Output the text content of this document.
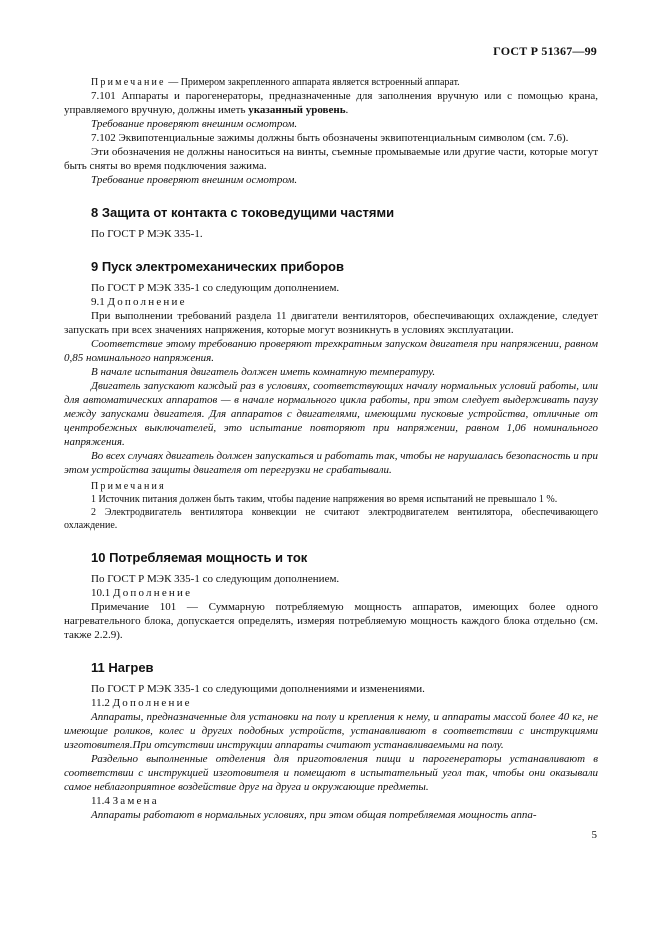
ГОСТ Р 51367—99

Примечание — Примером закрепленного аппарата является встроенный аппарат.

7.101 Аппараты и парогенераторы, предназначенные для заполнения вручную или с помощью крана, управляемого вручную, должны иметь указанный уровень.

Требование проверяют внешним осмотром.

7.102 Эквипотенциальные зажимы должны быть обозначены эквипотенциальным символом (см. 7.6).

Эти обозначения не должны наноситься на винты, съемные промываемые или другие части, которые могут быть сняты во время подключения зажима.

Требование проверяют внешним осмотром.

8 Защита от контакта с токоведущими частями

По ГОСТ Р МЭК 335-1.

9 Пуск электромеханических приборов

По ГОСТ Р МЭК 335-1 со следующим дополнением.

9.1 Дополнение

При выполнении требований раздела 11 двигатели вентиляторов, обеспечивающих охлаждение, следует запускать при всех значениях напряжения, которые могут возникнуть в условиях эксплуатации.

Соответствие этому требованию проверяют трехкратным запуском двигателя при напряжении, равном 0,85 номинального напряжения.

В начале испытания двигатель должен иметь комнатную температуру.

Двигатель запускают каждый раз в условиях, соответствующих началу нормальных условий работы, или для автоматических аппаратов — в начале нормального цикла работы, при этом следует выдерживать паузу между запусками двигателя. Для аппаратов с двигателями, имеющими пусковые устройства, отличные от центробежных выключателей, это испытание повторяют при напряжении, равном 1,06 номинального напряжения.

Во всех случаях двигатель должен запускаться и работать так, чтобы не нарушалась безопасность и при этом устройства защиты двигателя от перегрузки не срабатывали.

Примечания

1 Источник питания должен быть таким, чтобы падение напряжения во время испытаний не превышало 1 %.

2 Электродвигатель вентилятора конвекции не считают электродвигателем вентилятора, обеспечивающего охлаждение.

10 Потребляемая мощность и ток

По ГОСТ Р МЭК 335-1 со следующим дополнением.

10.1 Дополнение

Примечание 101 — Суммарную потребляемую мощность аппаратов, имеющих более одного нагревательного блока, допускается определять, измеряя потребляемую мощность каждого блока отдельно (см. также 2.2.9).

11 Нагрев

По ГОСТ Р МЭК 335-1 со следующими дополнениями и изменениями.

11.2 Дополнение

Аппараты, предназначенные для установки на полу и крепления к нему, и аппараты массой более 40 кг, не имеющие роликов, колес и других подобных устройств, устанавливают в соответствии с инструкциями изготовителя.При отсутствии инструкции аппараты считают устанавливаемыми на полу.

Раздельно выполненные отделения для приготовления пищи и парогенераторы устанавливают в соответствии с инструкцией изготовителя и помещают в испытательный угол так, чтобы они оказывали самое неблагоприятное воздействие друг на друга и окружающие предметы.

11.4 Замена

Аппараты работают в нормальных условиях, при этом общая потребляемая мощность аппа-

5
